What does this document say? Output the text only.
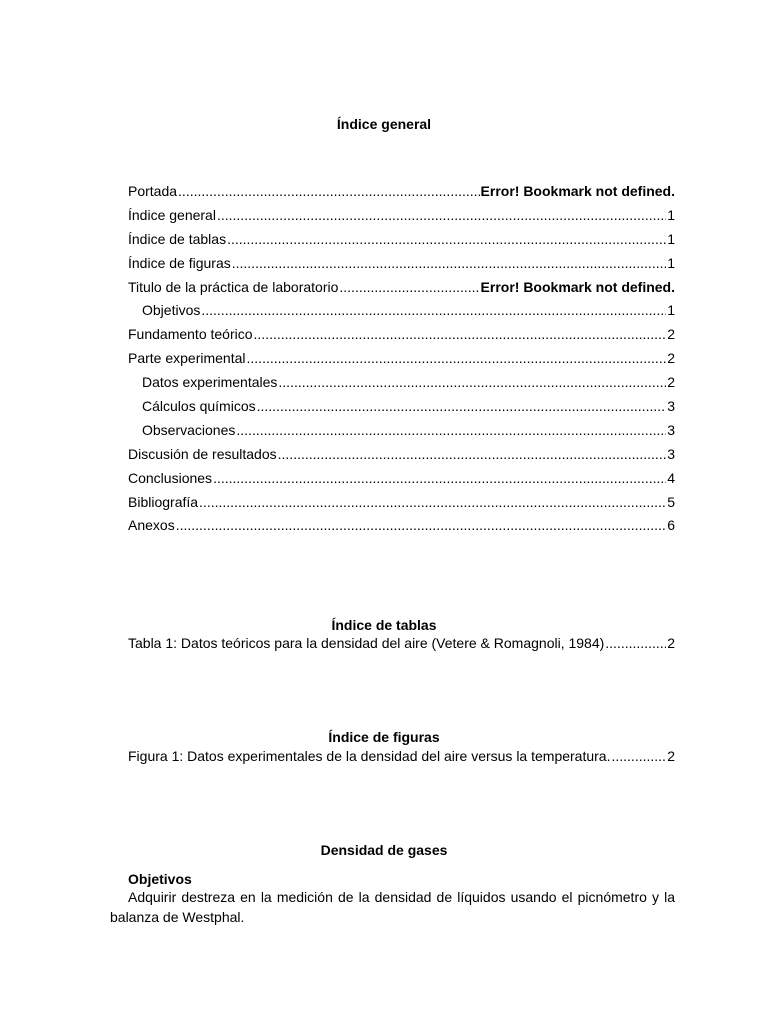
Índice general
Portada .....	Error! Bookmark not defined.
Índice general .....	1
Índice de tablas .....	1
Índice de figuras .....	1
Titulo de la práctica de laboratorio .....	Error! Bookmark not defined.
Objetivos .....	1
Fundamento teórico .....	2
Parte experimental .....	2
Datos experimentales .....	2
Cálculos químicos .....	3
Observaciones .....	3
Discusión de resultados .....	3
Conclusiones .....	4
Bibliografía .....	5
Anexos .....	6
Índice de tablas
Tabla 1: Datos teóricos para la densidad del aire (Vetere & Romagnoli, 1984) .....	2
Índice de figuras
Figura 1: Datos experimentales de la densidad del aire versus la temperatura. .....	2
Densidad de gases
Objetivos
Adquirir destreza en la medición de la densidad de líquidos usando el picnómetro y la balanza de Westphal.
